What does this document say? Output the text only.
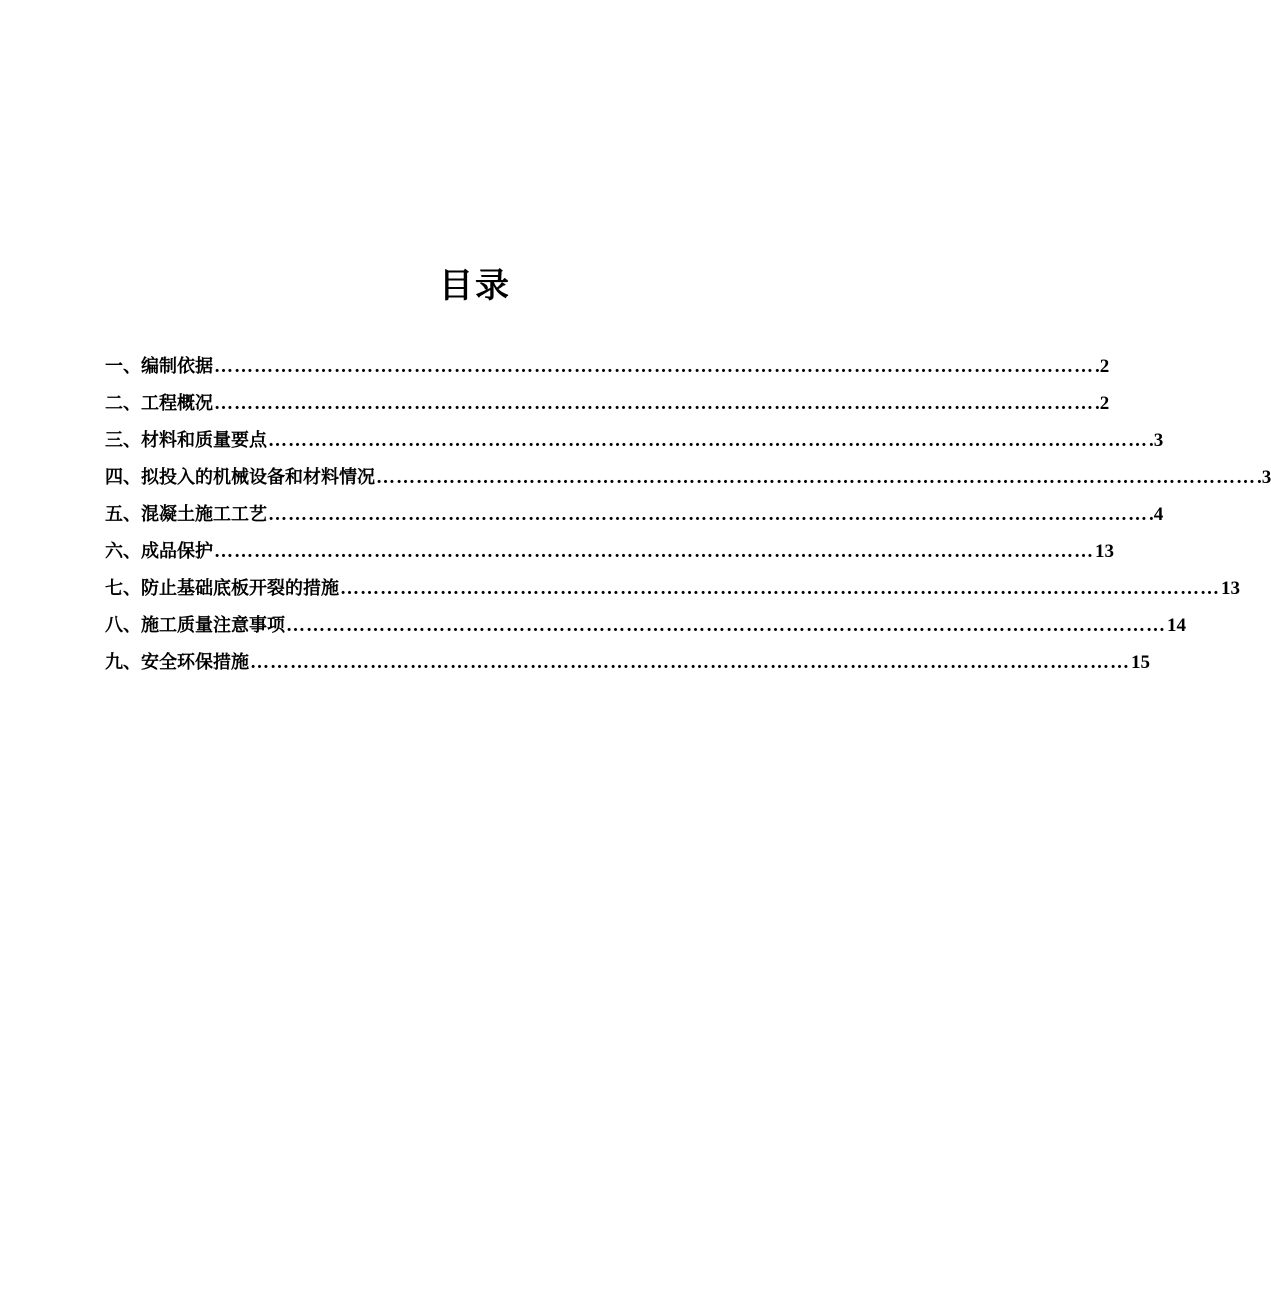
目录
一、编制依据 …………………………………………………………………………………………………………………… .2
二、工程概况 …………………………………………………………………………………………………………………… .2
三、材料和质量要点 …………………………………………………………………………………………………………………… .3
四、拟投入的机械设备和材料情况 …………………………………………………………………………………………………………………… .3
五、混凝土施工工艺 …………………………………………………………………………………………………………………… .4
六、成品保护 …………………………………………………………………………………………………………………… 13
七、防止基础底板开裂的措施 …………………………………………………………………………………………………………………… 13
八、施工质量注意事项 …………………………………………………………………………………………………………………… 14
九、安全环保措施 …………………………………………………………………………………………………………………… 15
